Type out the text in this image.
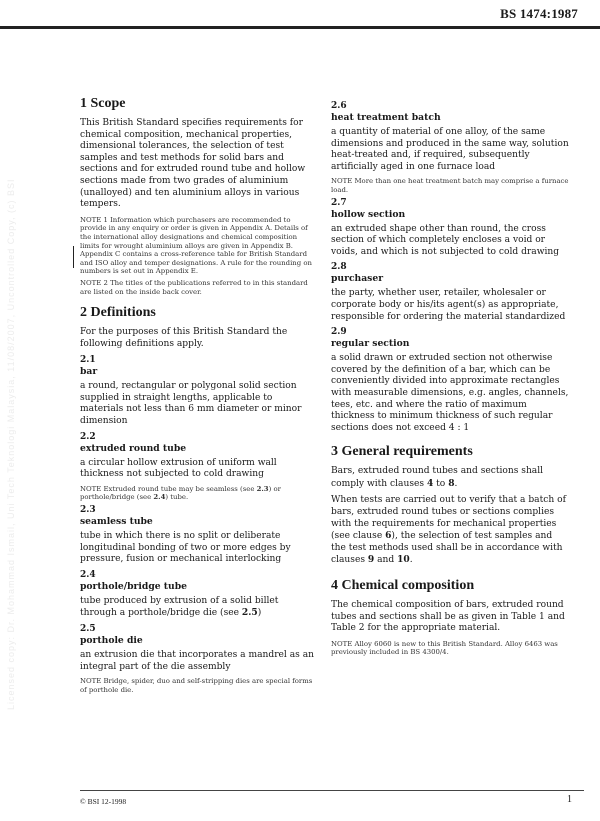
BS 1474:1987
Licensed copy: Dr. Mohammad Ismail, Uni Tech Teknologi Malaysia, 11/08/2007, Uncontrolled Copy, (c) BSI
1 Scope

This British Standard specifies requirements for chemical composition, mechanical properties, dimensional tolerances, the selection of test samples and test methods for solid bars and sections and for extruded round tube and hollow sections made from two grades of aluminium (unalloyed) and ten aluminium alloys in various tempers.

NOTE 1 Information which purchasers are recommended to provide in any enquiry or order is given in Appendix A. Details of the international alloy designations and chemical composition limits for wrought aluminium alloys are given in Appendix B. Appendix C contains a cross-reference table for British Standard and ISO alloy and temper designations. A rule for the rounding on numbers is set out in Appendix E.

NOTE 2 The titles of the publications referred to in this standard are listed on the inside back cover.

2 Definitions

For the purposes of this British Standard the following definitions apply.

2.1
bar

a round, rectangular or polygonal solid section supplied in straight lengths, applicable to materials not less than 6 mm diameter or minor dimension

2.2
extruded round tube

a circular hollow extrusion of uniform wall thickness not subjected to cold drawing

NOTE Extruded round tube may be seamless (see 2.3) or porthole/bridge (see 2.4) tube.

2.3
seamless tube

tube in which there is no split or deliberate longitudinal bonding of two or more edges by pressure, fusion or mechanical interlocking

2.4
porthole/bridge tube

tube produced by extrusion of a solid billet through a porthole/bridge die (see 2.5)

2.5
porthole die

an extrusion die that incorporates a mandrel as an integral part of the die assembly

NOTE Bridge, spider, duo and self-stripping dies are special forms of porthole die.

2.6
heat treatment batch

a quantity of material of one alloy, of the same dimensions and produced in the same way, solution heat-treated and, if required, subsequently artificially aged in one furnace load

NOTE More than one heat treatment batch may comprise a furnace load.

2.7
hollow section

an extruded shape other than round, the cross section of which completely encloses a void or voids, and which is not subjected to cold drawing

2.8
purchaser

the party, whether user, retailer, wholesaler or corporate body or his/its agent(s) as appropriate, responsible for ordering the material standardized

2.9
regular section

a solid drawn or extruded section not otherwise covered by the definition of a bar, which can be conveniently divided into approximate rectangles with measurable dimensions, e.g. angles, channels, tees, etc. and where the ratio of maximum thickness to minimum thickness of such regular sections does not exceed 4 : 1

3 General requirements

Bars, extruded round tubes and sections shall comply with clauses 4 to 8.

When tests are carried out to verify that a batch of bars, extruded round tubes or sections complies with the requirements for mechanical properties (see clause 6), the selection of test samples and the test methods used shall be in accordance with clauses 9 and 10.

4 Chemical composition

The chemical composition of bars, extruded round tubes and sections shall be as given in Table 1 and Table 2 for the appropriate material.

NOTE Alloy 6060 is new to this British Standard. Alloy 6463 was previously included in BS 4300/4.

© BSI 12-1998	1
